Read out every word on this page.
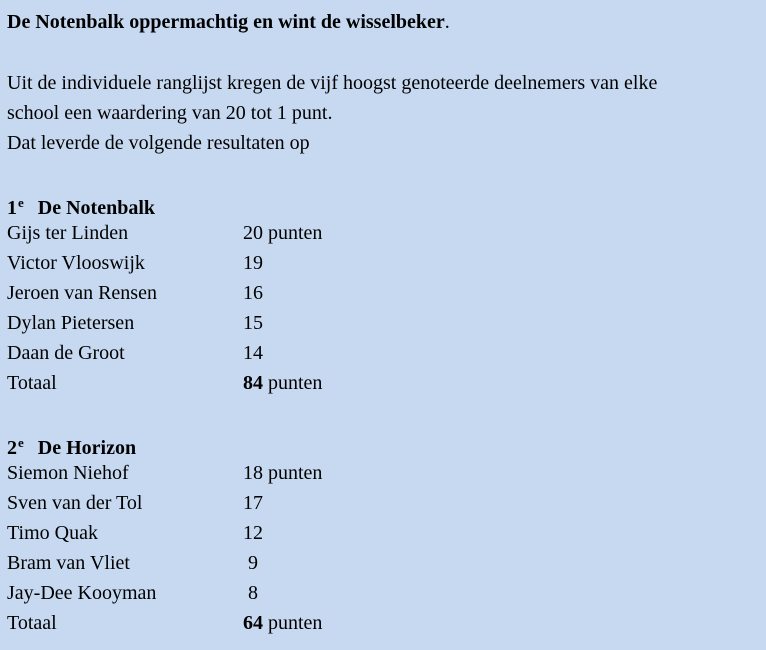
De Notenbalk oppermachtig en wint de wisselbeker.
Uit de individuele ranglijst kregen de vijf hoogst genoteerde deelnemers van elke
school een waardering van 20 tot 1 punt.
Dat leverde de volgende resultaten op
1e De Notenbalk
Gijs ter Linden	20 punten
Victor Vlooswijk	19
Jeroen van Rensen	16
Dylan Pietersen	15
Daan de Groot	14
Totaal	84 punten
2e De Horizon
Siemon Niehof	18 punten
Sven van der Tol	17
Timo Quak	12
Bram van Vliet	9
Jay-Dee Kooyman	8
Totaal	64 punten
